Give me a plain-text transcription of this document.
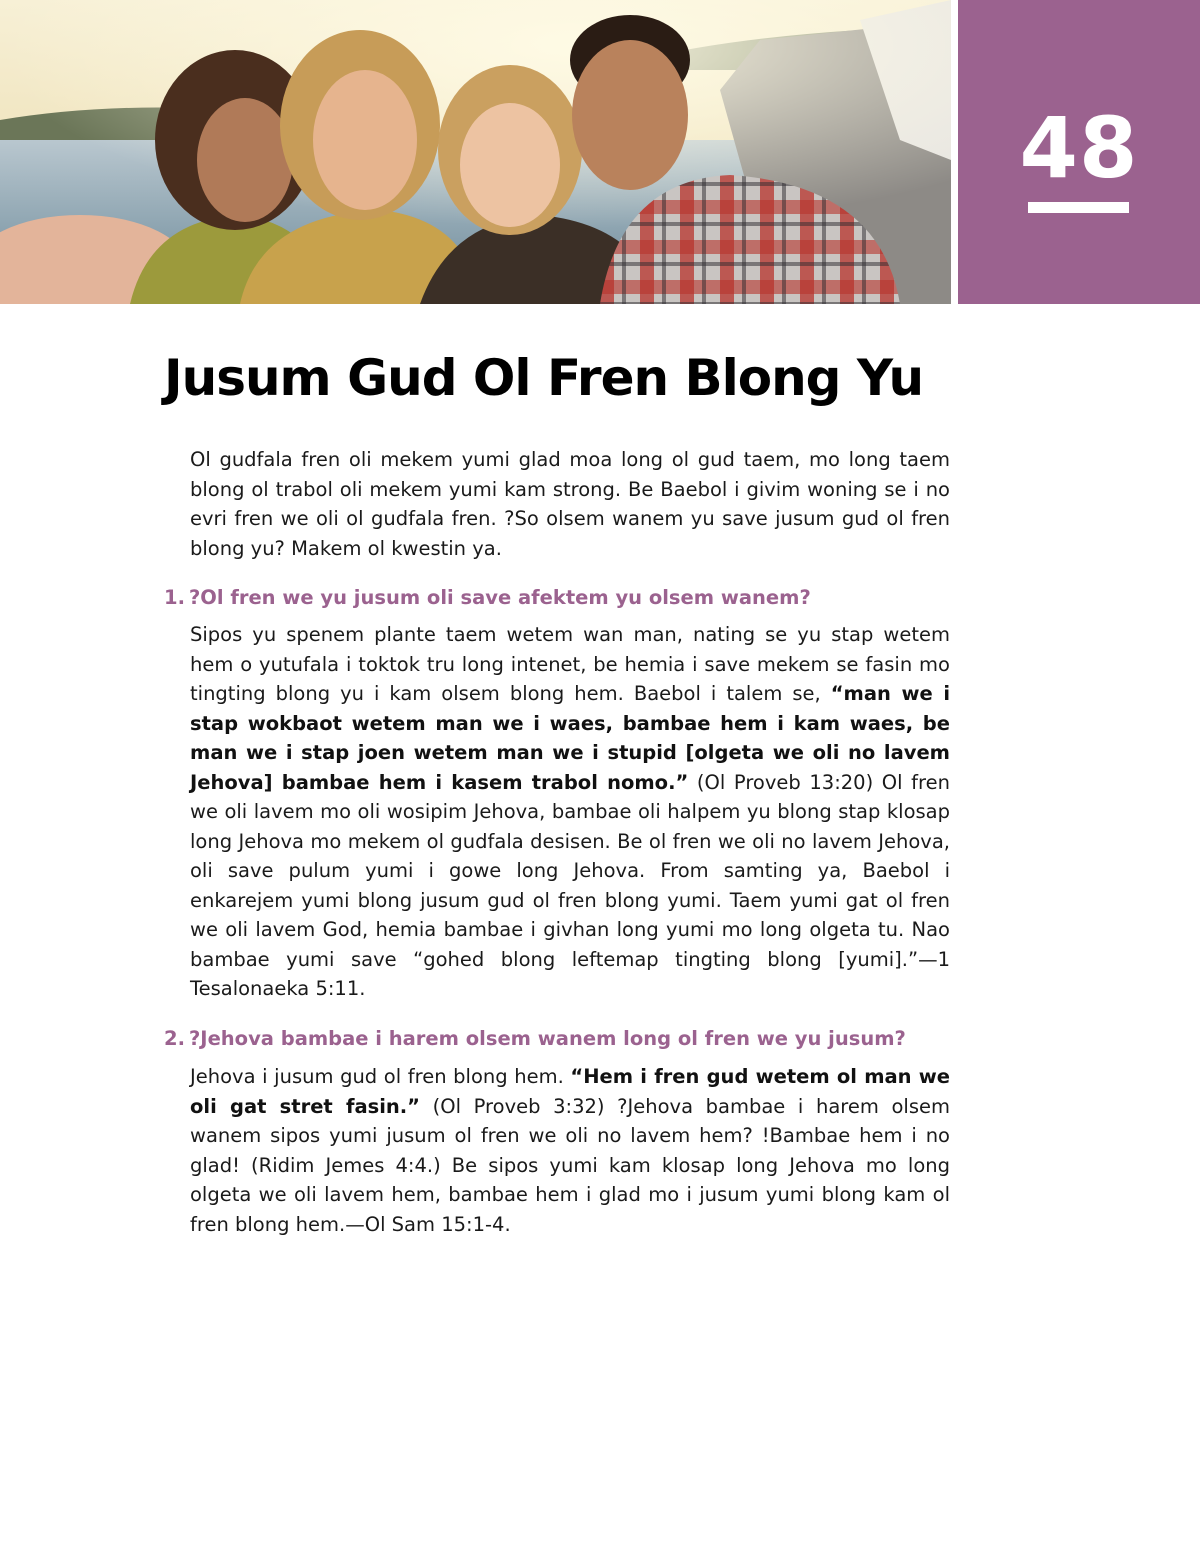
48
Jusum Gud Ol Fren Blong Yu

Ol gudfala fren oli mekem yumi glad moa long ol gud taem, mo long taem blong ol trabol oli mekem yumi kam strong. Be Baebol i givim woning se i no evri fren we oli ol gudfala fren. ?So olsem wanem yu save jusum gud ol fren blong yu? Makem ol kwestin ya.

1. ?Ol fren we yu jusum oli save afektem yu olsem wanem?

Sipos yu spenem plante taem wetem wan man, nating se yu stap wetem hem o yutufala i toktok tru long intenet, be hemia i save mekem se fasin mo tingting blong yu i kam olsem blong hem. Baebol i talem se, “man we i stap wokbaot wetem man we i waes, bambae hem i kam waes, be man we i stap joen wetem man we i stupid [olgeta we oli no lavem Jehova] bambae hem i kasem trabol nomo.” (Ol Proveb 13:20) Ol fren we oli lavem mo oli wosipim Jehova, bambae oli halpem yu blong stap klosap long Jehova mo mekem ol gudfala desisen. Be ol fren we oli no lavem Jehova, oli save pulum yumi i gowe long Jehova. From samting ya, Baebol i enkarejem yumi blong jusum gud ol fren blong yumi. Taem yumi gat ol fren we oli lavem God, hemia bambae i givhan long yumi mo long olgeta tu. Nao bambae yumi save “gohed blong leftemap tingting blong [yumi].”—1 Tesalonaeka 5:11.

2. ?Jehova bambae i harem olsem wanem long ol fren we yu jusum?

Jehova i jusum gud ol fren blong hem. “Hem i fren gud wetem ol man we oli gat stret fasin.” (Ol Proveb 3:32) ?Jehova bambae i harem olsem wanem sipos yumi jusum ol fren we oli no lavem hem? !Bambae hem i no glad! (Ridim Jemes 4:4.) Be sipos yumi kam klosap long Jehova mo long olgeta we oli lavem hem, bambae hem i glad mo i jusum yumi blong kam ol fren blong hem.—Ol Sam 15:1-4.
